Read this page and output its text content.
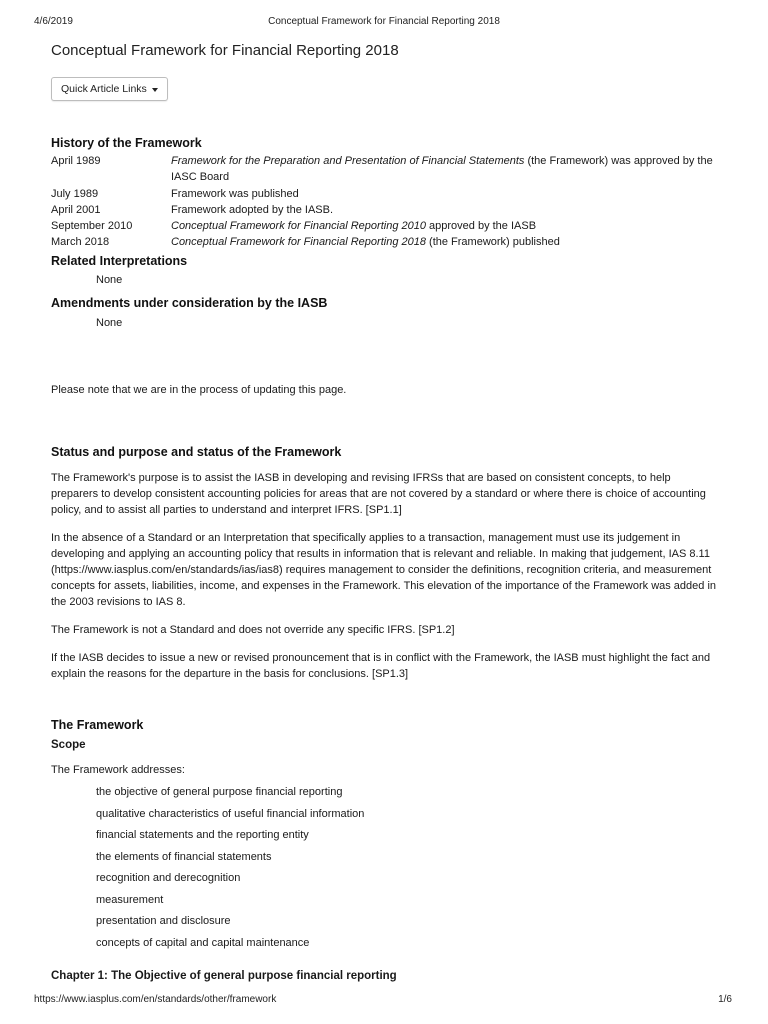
4/6/2019	Conceptual Framework for Financial Reporting 2018
Conceptual Framework for Financial Reporting 2018
Quick Article Links
History of the Framework
April 1989	Framework for the Preparation and Presentation of Financial Statements (the Framework) was approved by the IASC Board
July 1989	Framework was published
April 2001	Framework adopted by the IASB.
September 2010	Conceptual Framework for Financial Reporting 2010 approved by the IASB
March 2018	Conceptual Framework for Financial Reporting 2018 (the Framework) published
Related Interpretations
None
Amendments under consideration by the IASB
None

Please note that we are in the process of updating this page.

Status and purpose and status of the Framework

The Framework's purpose is to assist the IASB in developing and revising IFRSs that are based on consistent concepts, to help preparers to develop consistent accounting policies for areas that are not covered by a standard or where there is choice of accounting policy, and to assist all parties to understand and interpret IFRS. [SP1.1]

In the absence of a Standard or an Interpretation that specifically applies to a transaction, management must use its judgement in developing and applying an accounting policy that results in information that is relevant and reliable. In making that judgement, IAS 8.11 (https://www.iasplus.com/en/standards/ias/ias8) requires management to consider the definitions, recognition criteria, and measurement concepts for assets, liabilities, income, and expenses in the Framework. This elevation of the importance of the Framework was added in the 2003 revisions to IAS 8.

The Framework is not a Standard and does not override any specific IFRS. [SP1.2]

If the IASB decides to issue a new or revised pronouncement that is in conflict with the Framework, the IASB must highlight the fact and explain the reasons for the departure in the basis for conclusions. [SP1.3]

The Framework
Scope

The Framework addresses:

the objective of general purpose financial reporting
qualitative characteristics of useful financial information
financial statements and the reporting entity
the elements of financial statements
recognition and derecognition
measurement
presentation and disclosure
concepts of capital and capital maintenance
Chapter 1: The Objective of general purpose financial reporting
https://www.iasplus.com/en/standards/other/framework	1/6
